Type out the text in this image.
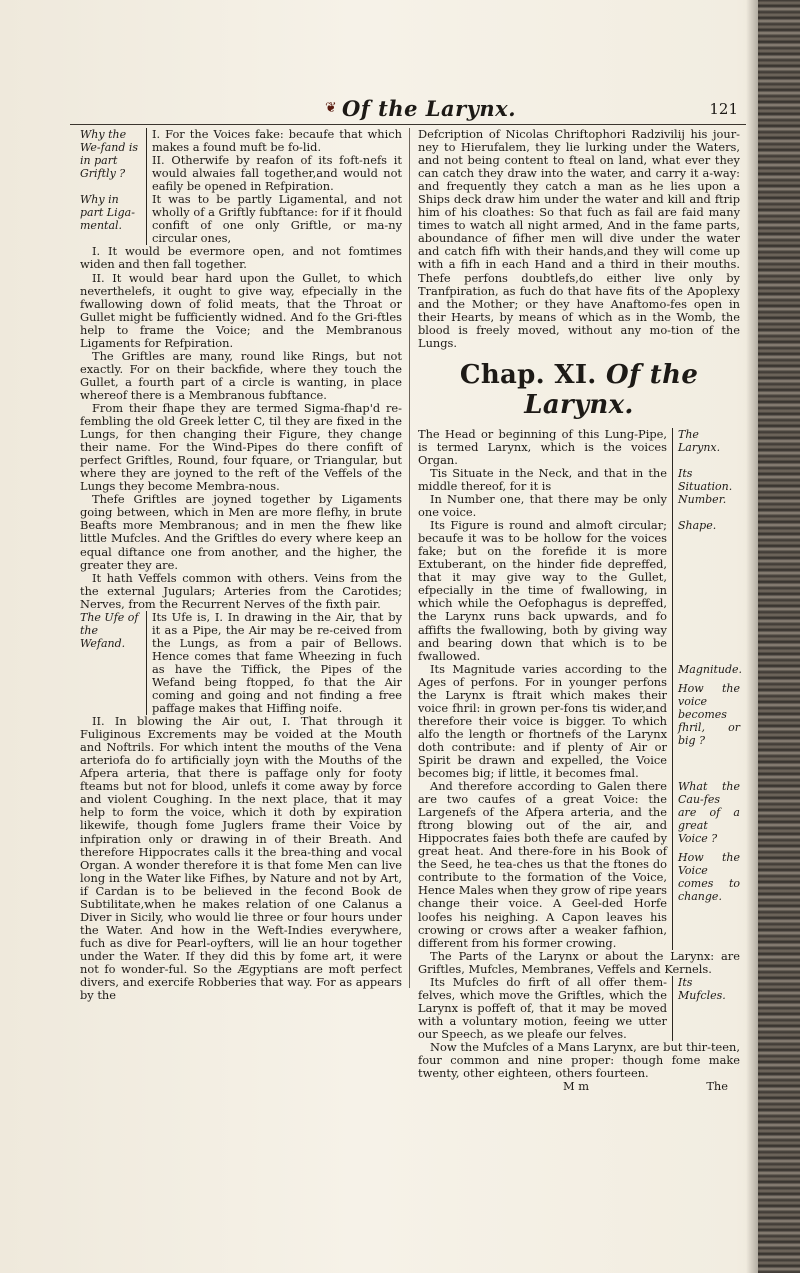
❦ Of the Larynx.	121
Why the We-fand is in part Griftly ?

I. For the Voices fake: becaufe that which makes a found muft be fo-lid.

II. Otherwife by reafon of its foft-nefs it would alwaies fall together,and would not eafily be opened in Refpiration.

Why in part Liga-mental.

It was to be partly Ligamental, and not wholly of a Griftly fubftance: for if it fhould confift of one only Griftle, or ma-ny circular ones,

I. It would be evermore open, and not fomtimes widen and then fall together.

II. It would bear hard upon the Gullet, to which neverthelefs, it ought to give way, efpecially in the fwallowing down of folid meats, that the Throat or Gullet might be fufficiently widned. And fo the Gri-ftles help to frame the Voice; and the Membranous Ligaments for Refpiration.

The Griftles are many, round like Rings, but not exactly. For on their backfide, where they touch the Gullet, a fourth part of a circle is wanting, in place whereof there is a Membranous fubftance.

From their fhape they are termed Sigma-fhap'd re-fembling the old Greek letter C, til they are fixed in the Lungs, for then changing their Figure, they change their name. For the Wind-Pipes do there confift of perfect Griftles, Round, four fquare, or Triangular, but where they are joyned to the reft of the Veffels of the Lungs they become Membra-nous.

Thefe Griftles are joyned together by Ligaments going between, which in Men are more flefhy, in brute Beafts more Membranous; and in men the fhew like little Mufcles. And the Griftles do every where keep an equal diftance one from another, and the higher, the greater they are.

It hath Veffels common with others. Veins from the the external Jugulars; Arteries from the Carotides; Nerves, from the Recurrent Nerves of the fixth pair.

The Ufe of the Wefand.

Its Ufe is, I. In drawing in the Air, that by it as a Pipe, the Air may be re-ceived from the Lungs, as from a pair of Bellows. Hence comes that fame Wheezing in fuch as have the Tiffick, the Pipes of the Wefand being ftopped, fo that the Air coming and going and not finding a free paffage makes that Hiffing noife.

II. In blowing the Air out, I. That through it Fuliginous Excrements may be voided at the Mouth and Noftrils. For which intent the mouths of the Vena arteriofa do fo artificially joyn with the Mouths of the Afpera arteria, that there is paffage only for footy fteams but not for blood, unlefs it come away by force and violent Coughing. In the next place, that it may help to form the voice, which it doth by expiration likewife, though fome Juglers frame their Voice by infpiration only or drawing in of their Breath. And therefore Hippocrates calls it the brea-thing and vocal Organ. A wonder therefore it is that fome Men can live long in the Water like Fifhes, by Nature and not by Art, if Cardan is to be believed in the fecond Book de Subtilitate,when he makes relation of one Calanus a Diver in Sicily, who would lie three or four hours under the Water. And how in the Weft-Indies everywhere, fuch as dive for Pearl-oyfters, will lie an hour together under the Water. If they did this by fome art, it were not fo wonder-ful. So the Ægyptians are moft perfect divers, and exercife Robberies that way. For as appears by the

Defcription of Nicolas Chriftophori Radzivilij his jour-ney to Hierufalem, they lie lurking under the Waters, and not being content to fteal on land, what ever they can catch they draw into the water, and carry it a-way: and frequently they catch a man as he lies upon a Ships deck draw him under the water and kill and ftrip him of his cloathes: So that fuch as fail are faid many times to watch all night armed, And in the fame parts, aboundance of fifher men will dive under the water and catch fifh with their hands,and they will come up with a fifh in each Hand and a third in their mouths. Thefe perfons doubtlefs,do either live only by Tranfpiration, as fuch do that have fits of the Apoplexy and the Mother; or they have Anaftomo-fes open in their Hearts, by means of which as in the Womb, the blood is freely moved, without any mo-tion of the Lungs.

Chap. XI. Of the Larynx.

The Head or beginning of this Lung-Pipe, is termed Larynx, which is the voices Organ.

The Larynx.

Tis Situate in the Neck, and that in the middle thereof, for it is

Its Situation.

In Number one, that there may be only one voice.

Number.

Its Figure is round and almoft circular; becaufe it was to be hollow for the voices fake; but on the forefide it is more Extuberant, on the hinder fide depreffed, that it may give way to the Gullet, efpecially in the time of fwallowing, in which while the Oefophagus is depreffed, the Larynx runs back upwards, and fo affifts the fwallowing, both by giving way and bearing down that which is to be fwallowed.

Shape.

Its Magnitude varies according to the Ages of perfons. For in younger perfons the Larynx is ftrait which makes their voice fhril: in grown per-fons tis wider,and therefore their voice is bigger. To which alfo the length or fhortnefs of the Larynx doth contribute: and if plenty of Air or Spirit be drawn and expelled, the Voice becomes big; if little, it becomes fmal.

Magnitude.
How the voice becomes fhril, or big ?

And therefore according to Galen there are two caufes of a great Voice: the Largenefs of the Afpera arteria, and the ftrong blowing out of the air, and Hippocrates faies both thefe are caufed by great heat. And there-fore in his Book of the Seed, he tea-ches us that the ftones do contribute to the formation of the Voice, Hence Males when they grow of ripe years change their voice. A Geel-ded Horfe loofes his neighing. A Capon leaves his crowing or crows after a weaker fafhion, different from his former crowing.

What the Cau-fes are of a great Voice ?
How the Voice comes to change.

The Parts of the Larynx or about the Larynx: are Griftles, Mufcles, Membranes, Veffels and Kernels.

Its Mufcles do firft of all offer them-felves, which move the Griftles, which the Larynx is poffeft of, that it may be moved with a voluntary motion, feeing we utter our Speech, as we pleafe our felves.

Its Mufcles.

Now the Mufcles of a Mans Larynx, are but thir-teen, four common and nine proper: though fome make twenty, other eighteen, others fourteen.

M m	The
